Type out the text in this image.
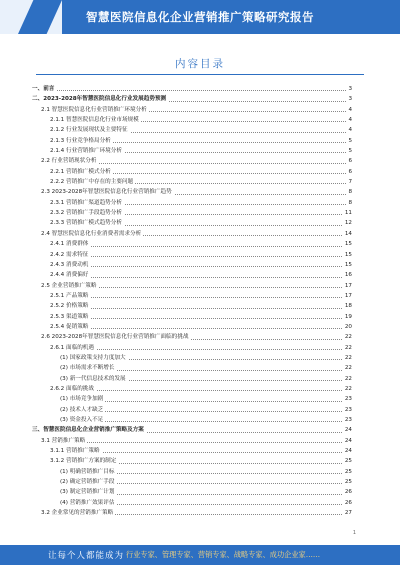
智慧医院信息化企业营销推广策略研究报告
内容目录
一、前言	3
二、2023-2028年智慧医院信息化行业发展趋势预测	3
2.1 智慧医院信息化行业营销推广环境分析	4
2.1.1 智慧医院信息化行业市场规模	4
2.1.2 行业发展现状及主要特征	4
2.1.3 行业竞争格局分析	5
2.1.4 行业营销推广环境分析	5
2.2 行业营销现状分析	6
2.2.1 营销推广模式分析	6
2.2.2 营销推广中存在的主要问题	7
2.3 2023-2028年智慧医院信息化行业营销推广趋势	8
2.3.1 营销推广渠道趋势分析	8
2.3.2 营销推广手段趋势分析	11
2.3.3 营销推广模式趋势分析	12
2.4 智慧医院信息化行业消费者需求分析	14
2.4.1 消费群体	15
2.4.2 需求特征	15
2.4.3 消费动机	15
2.4.4 消费偏好	16
2.5 企业营销推广策略	17
2.5.1 产品策略	17
2.5.2 价格策略	18
2.5.3 渠道策略	19
2.5.4 促销策略	20
2.6 2023-2028年智慧医院信息化行业营销推广面临的挑战	22
2.6.1 面临的机遇	22
(1) 国家政策支持力度加大	22
(2) 市场需求不断增长	22
(3) 新一代信息技术的发展	22
2.6.2 面临的挑战	22
(1) 市场竞争加剧	23
(2) 技术人才缺乏	23
(3) 资金投入不足	23
三、智慧医院信息化企业营销推广策略及方案	24
3.1 营销推广策略	24
3.1.1 营销推广策略	24
3.1.2 营销推广方案的制定	25
(1) 明确营销推广目标	25
(2) 确定营销推广手段	25
(3) 制定营销推广计划	26
(4) 营销推广效果评估	26
3.2 企业常见的营销推广策略	27
1
让每个人都能成为 行业专家、管理专家、营销专家、战略专家、成功企业家……
